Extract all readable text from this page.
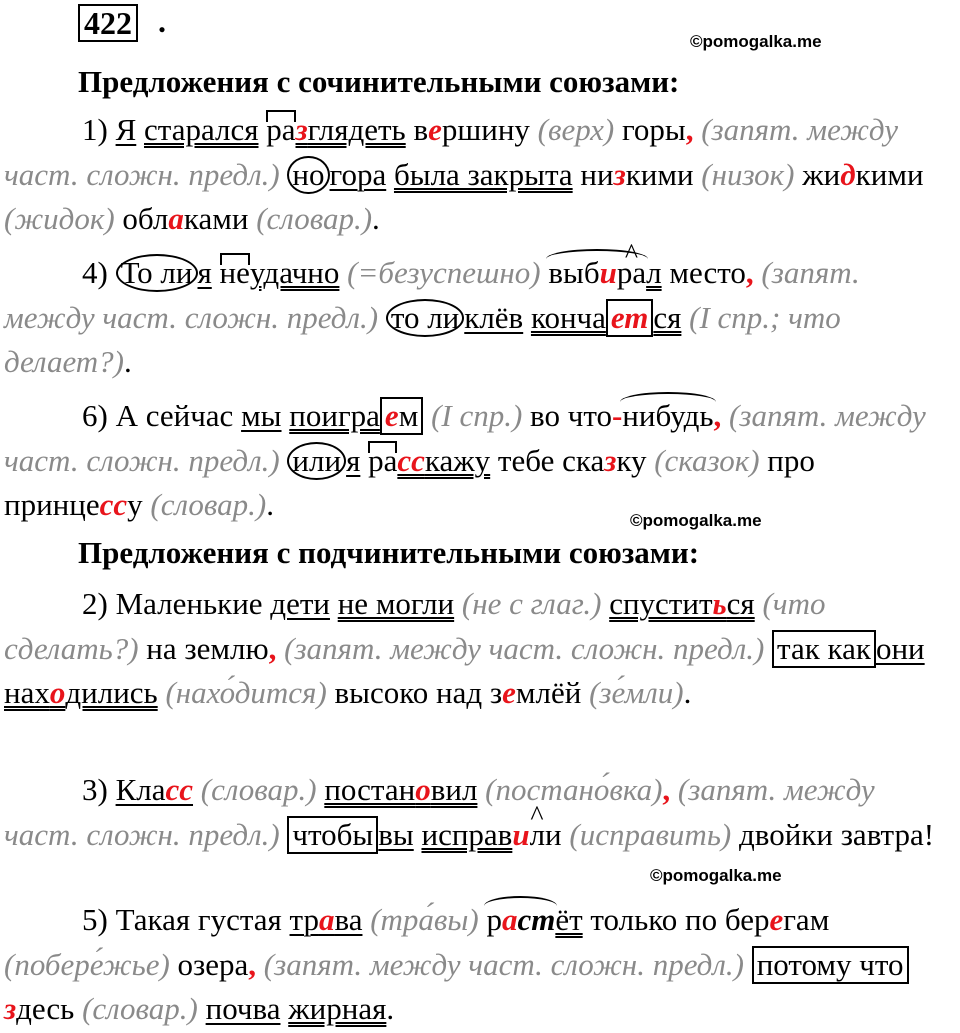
422 .
©pomogalka.me
Предложения с сочинительными союзами:
1) Я старался разглядеть вершину (верх) горы, (запят. между част. сложн. предл.) но гора была закрыта низкими (низок) жидкими (жидок) облаками (словар.).
4) То ли я неудачно (=безуспешно) выби^ рал место, (запят. между част. сложн. предл.) то ли клёв конча ет ся (I спр.; что делает?).
6) А сейчас мы поигра ем (I спр.) во что-нибудь, (запят. между част. сложн. предл.) или я расскажу тебе сказку (сказок) про принцессу (словар.).	©pomogalka.me
Предложения с подчинительными союзами:
2) Маленькие дети не могли (не с глаг.) спуститься (что сделать?) на землю, (запят. между част. сложн. предл.) так как они находились (нахо́дится) высоко над землёй (зе́мли).
3) Класс (словар.) постановил (постано́вка), (запят. между част. сложн. предл.) чтобы вы исправ^ или (исправить) двойки завтра!
©pomogalka.me
5) Такая густая трава (тра́вы) растёт только по берегам (побере́жье) озера, (запят. между част. сложн. предл.) потому что здесь (словар.) почва жирная.
